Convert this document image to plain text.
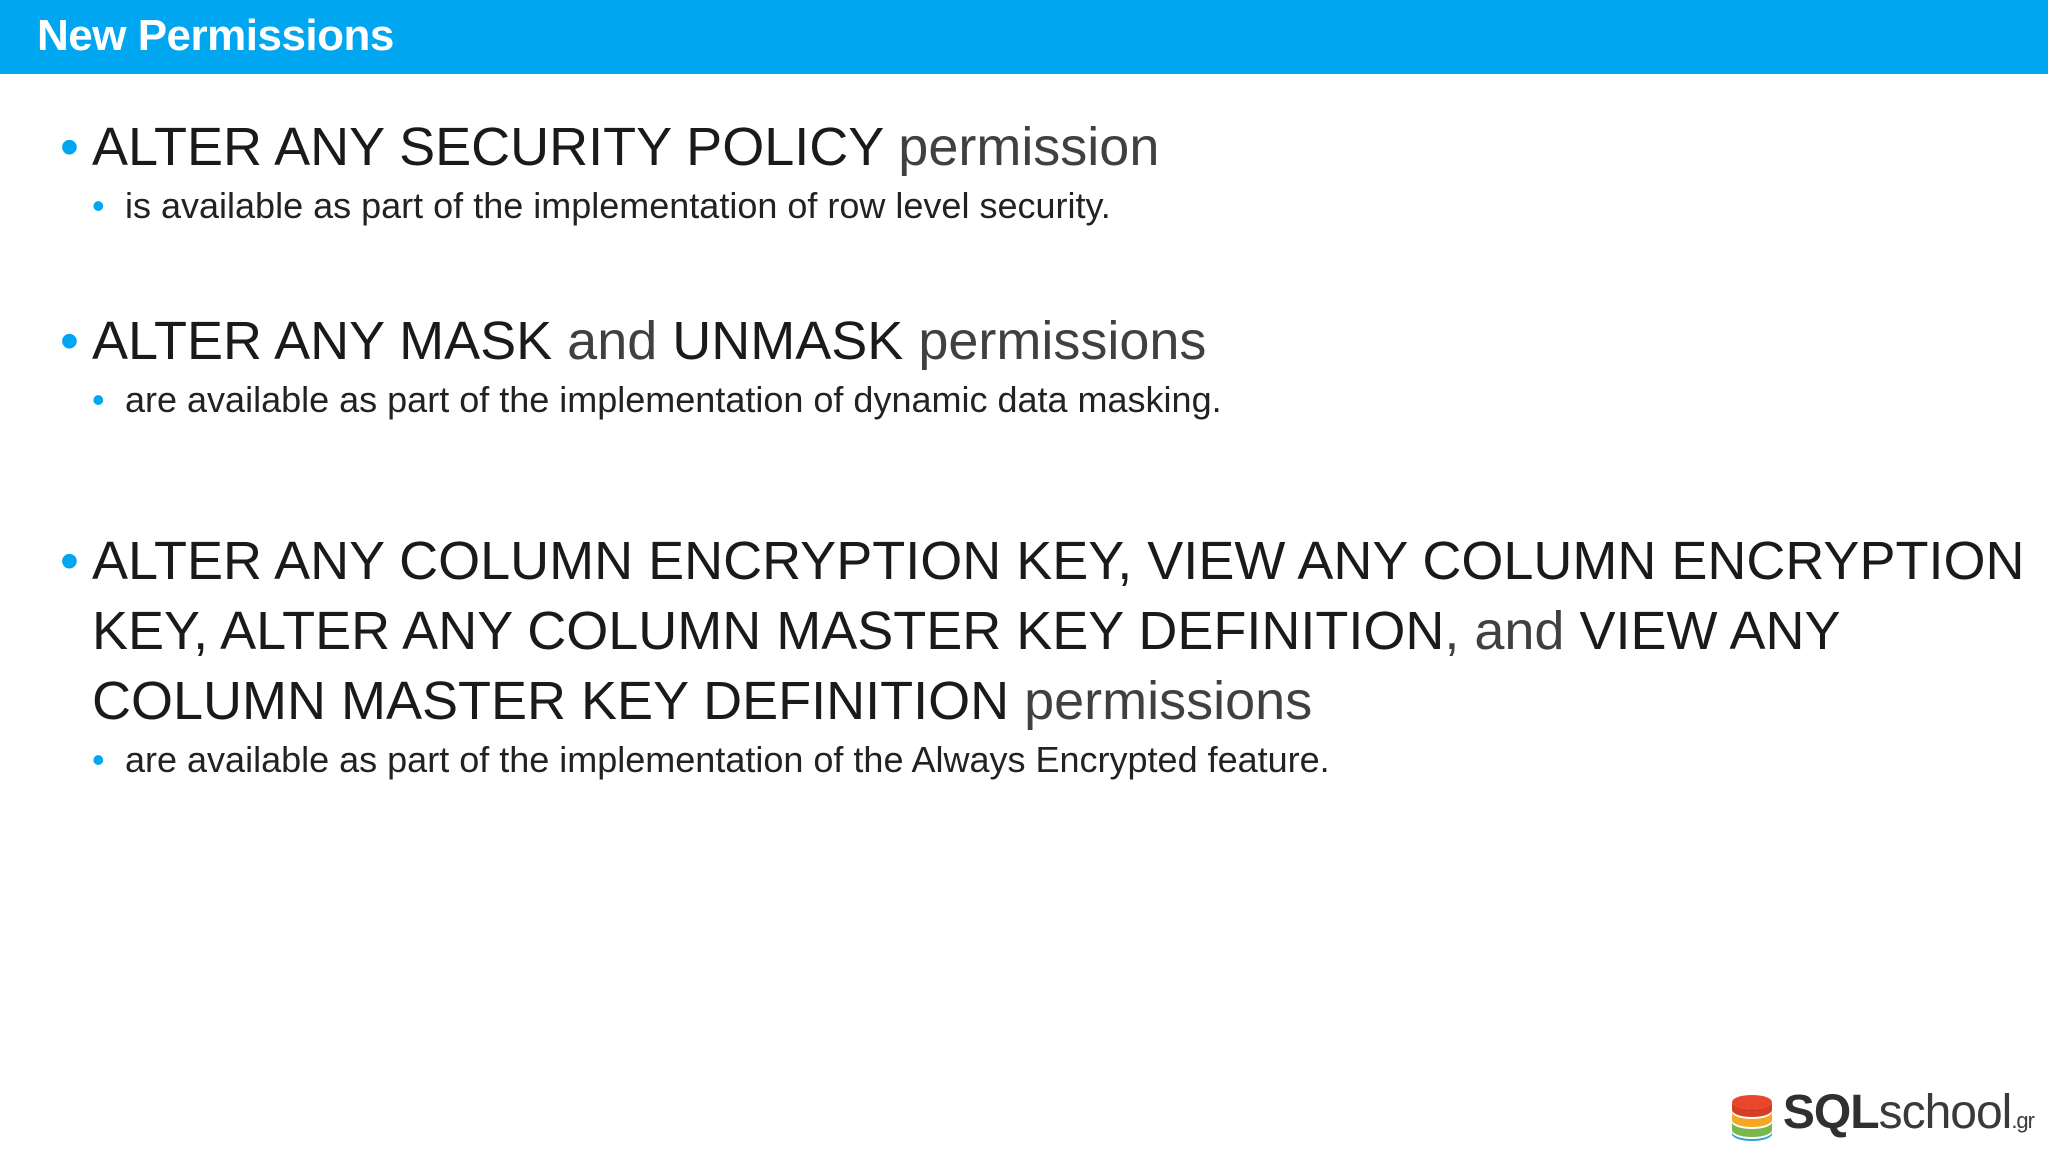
New Permissions
• ALTER ANY SECURITY POLICY permission
• is available as part of the implementation of row level security.
• ALTER ANY MASK and UNMASK permissions
• are available as part of the implementation of dynamic data masking.
• ALTER ANY COLUMN ENCRYPTION KEY, VIEW ANY COLUMN ENCRYPTION
KEY, ALTER ANY COLUMN MASTER KEY DEFINITION, and VIEW ANY
COLUMN MASTER KEY DEFINITION permissions
• are available as part of the implementation of the Always Encrypted feature.
SQLschool.gr
